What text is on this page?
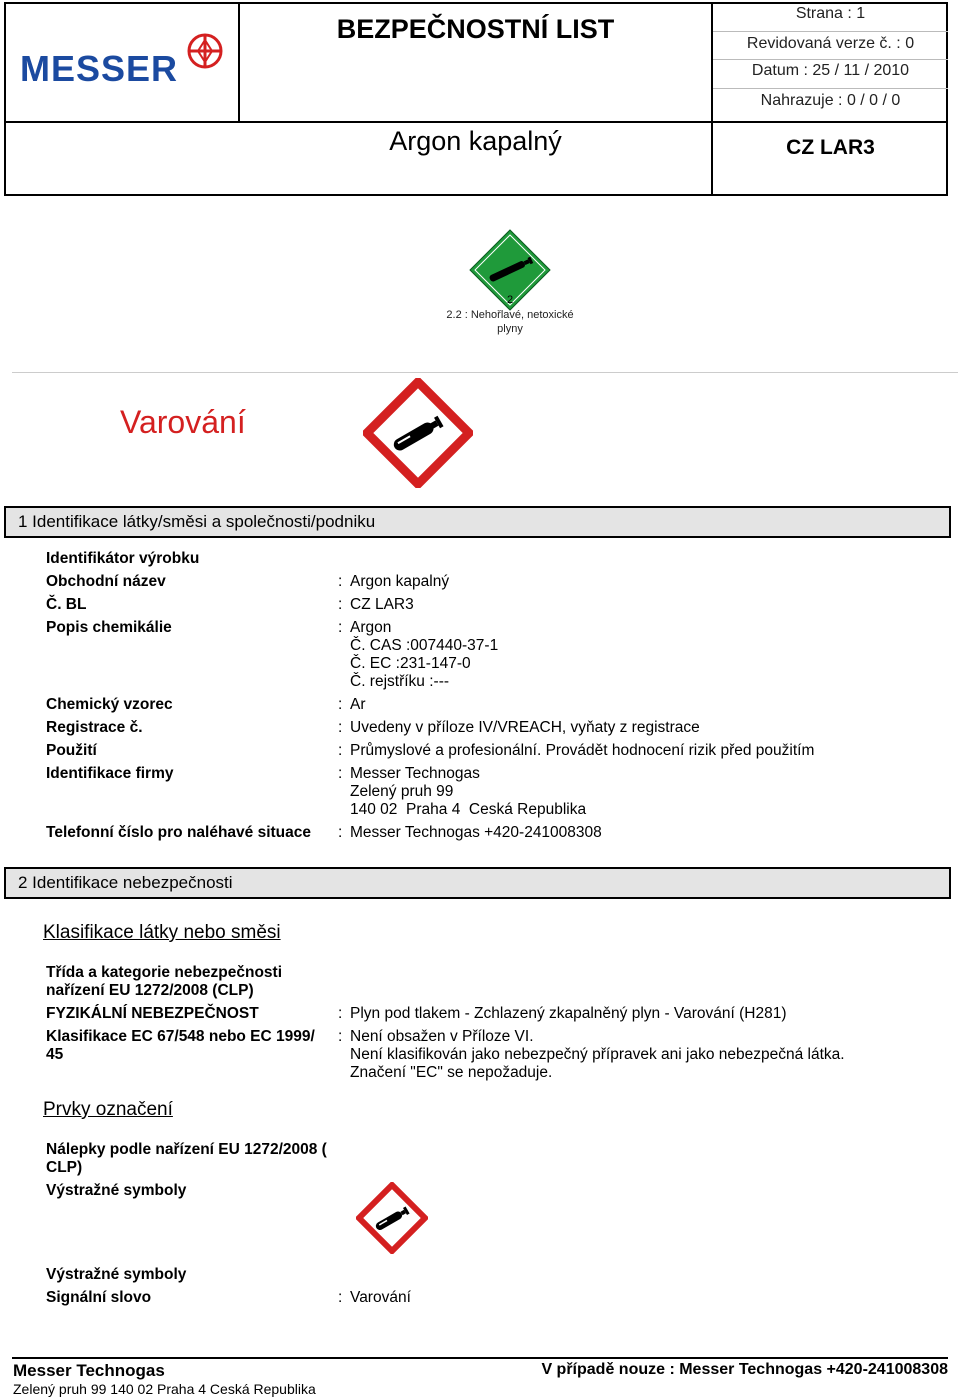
MESSER
BEZPEČNOSTNÍ LIST
Argon kapalný	CZ LAR3
Strana : 1
Revidovaná verze č. : 0
Datum : 25 / 11 / 2010
Nahrazuje : 0 / 0 / 0
2
2.2 : Nehořlavé, netoxické
plyny
Varování
1 Identifikace látky/směsi a společnosti/podniku
Identifikátor výrobku
Obchodní název	: Argon kapalný
Č. BL	: CZ LAR3
Popis chemikálie	: Argon
Č. CAS :007440-37-1
Č. EC :231-147-0
Č. rejstříku :---
Chemický vzorec	: Ar
Registrace č.	: Uvedeny v příloze IV/VREACH, vyňaty z registrace
Použití	: Průmyslové a profesionální. Provádět hodnocení rizik před použitím
Identifikace firmy	: Messer Technogas
Zelený pruh 99
140 02  Praha 4  Ceská Republika
Telefonní číslo pro naléhavé situace : Messer Technogas +420-241008308
2 Identifikace nebezpečnosti
Klasifikace látky nebo směsi
Třída a kategorie nebezpečnosti
nařízení EU 1272/2008 (CLP)
FYZIKÁLNÍ NEBEZPEČNOST	: Plyn pod tlakem - Zchlazený zkapalněný plyn - Varování (H281)
Klasifikace EC 67/548 nebo EC 1999/
45
: Není obsažen v Příloze VI.
Není klasifikován jako nebezpečný přípravek ani jako nebezpečná látka.
Značení "EC" se nepožaduje.
Prvky označení
Nálepky podle nařízení EU 1272/2008 (
CLP)
Výstražné symboly
Výstražné symboly
Signální slovo	: Varování
Messer Technogas
Zelený pruh 99 140 02 Praha 4 Ceská Republika
V případě nouze : Messer Technogas +420-241008308
